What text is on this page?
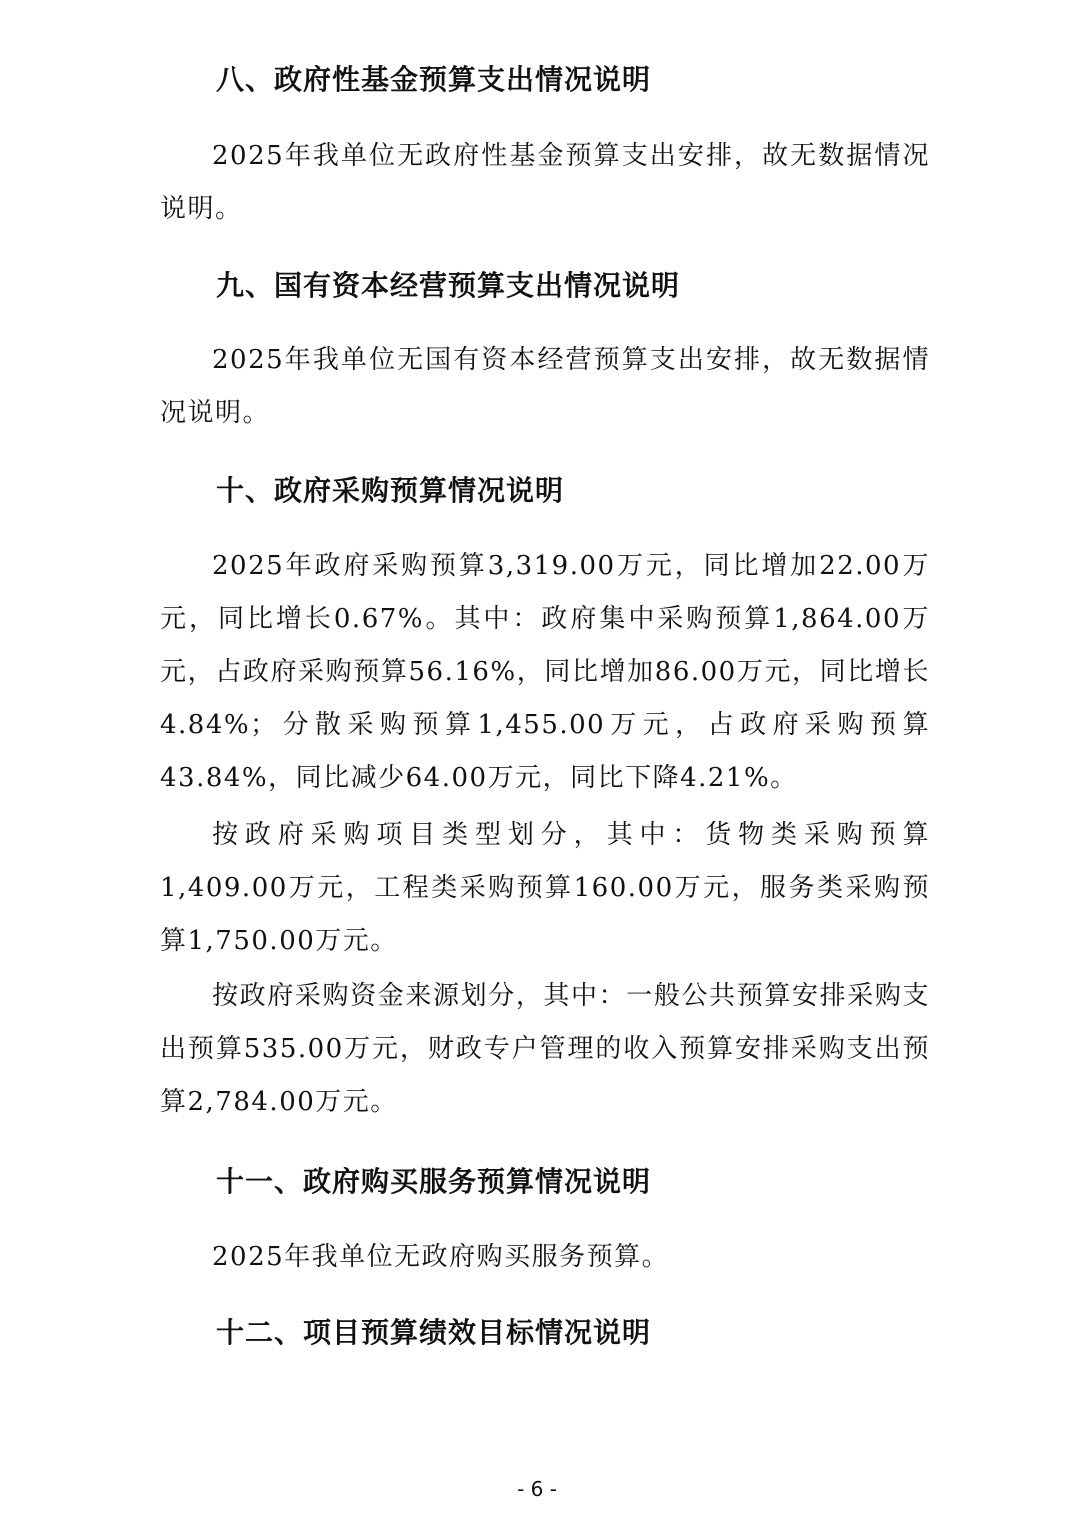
八、政府性基金预算支出情况说明

2025年我单位无政府性基金预算支出安排，故无数据情况说明。

九、国有资本经营预算支出情况说明

2025年我单位无国有资本经营预算支出安排，故无数据情况说明。

十、政府采购预算情况说明

2025年政府采购预算3,319.00万元，同比增加22.00万元，同比增长0.67%。其中：政府集中采购预算1,864.00万元，占政府采购预算56.16%，同比增加86.00万元，同比增长4.84%；分散采购预算1,455.00万元，占政府采购预算43.84%，同比减少64.00万元，同比下降4.21%。

按政府采购项目类型划分，其中：货物类采购预算1,409.00万元，工程类采购预算160.00万元，服务类采购预算1,750.00万元。

按政府采购资金来源划分，其中：一般公共预算安排采购支出预算535.00万元，财政专户管理的收入预算安排采购支出预算2,784.00万元。

十一、政府购买服务预算情况说明

2025年我单位无政府购买服务预算。

十二、项目预算绩效目标情况说明
- 6 -
